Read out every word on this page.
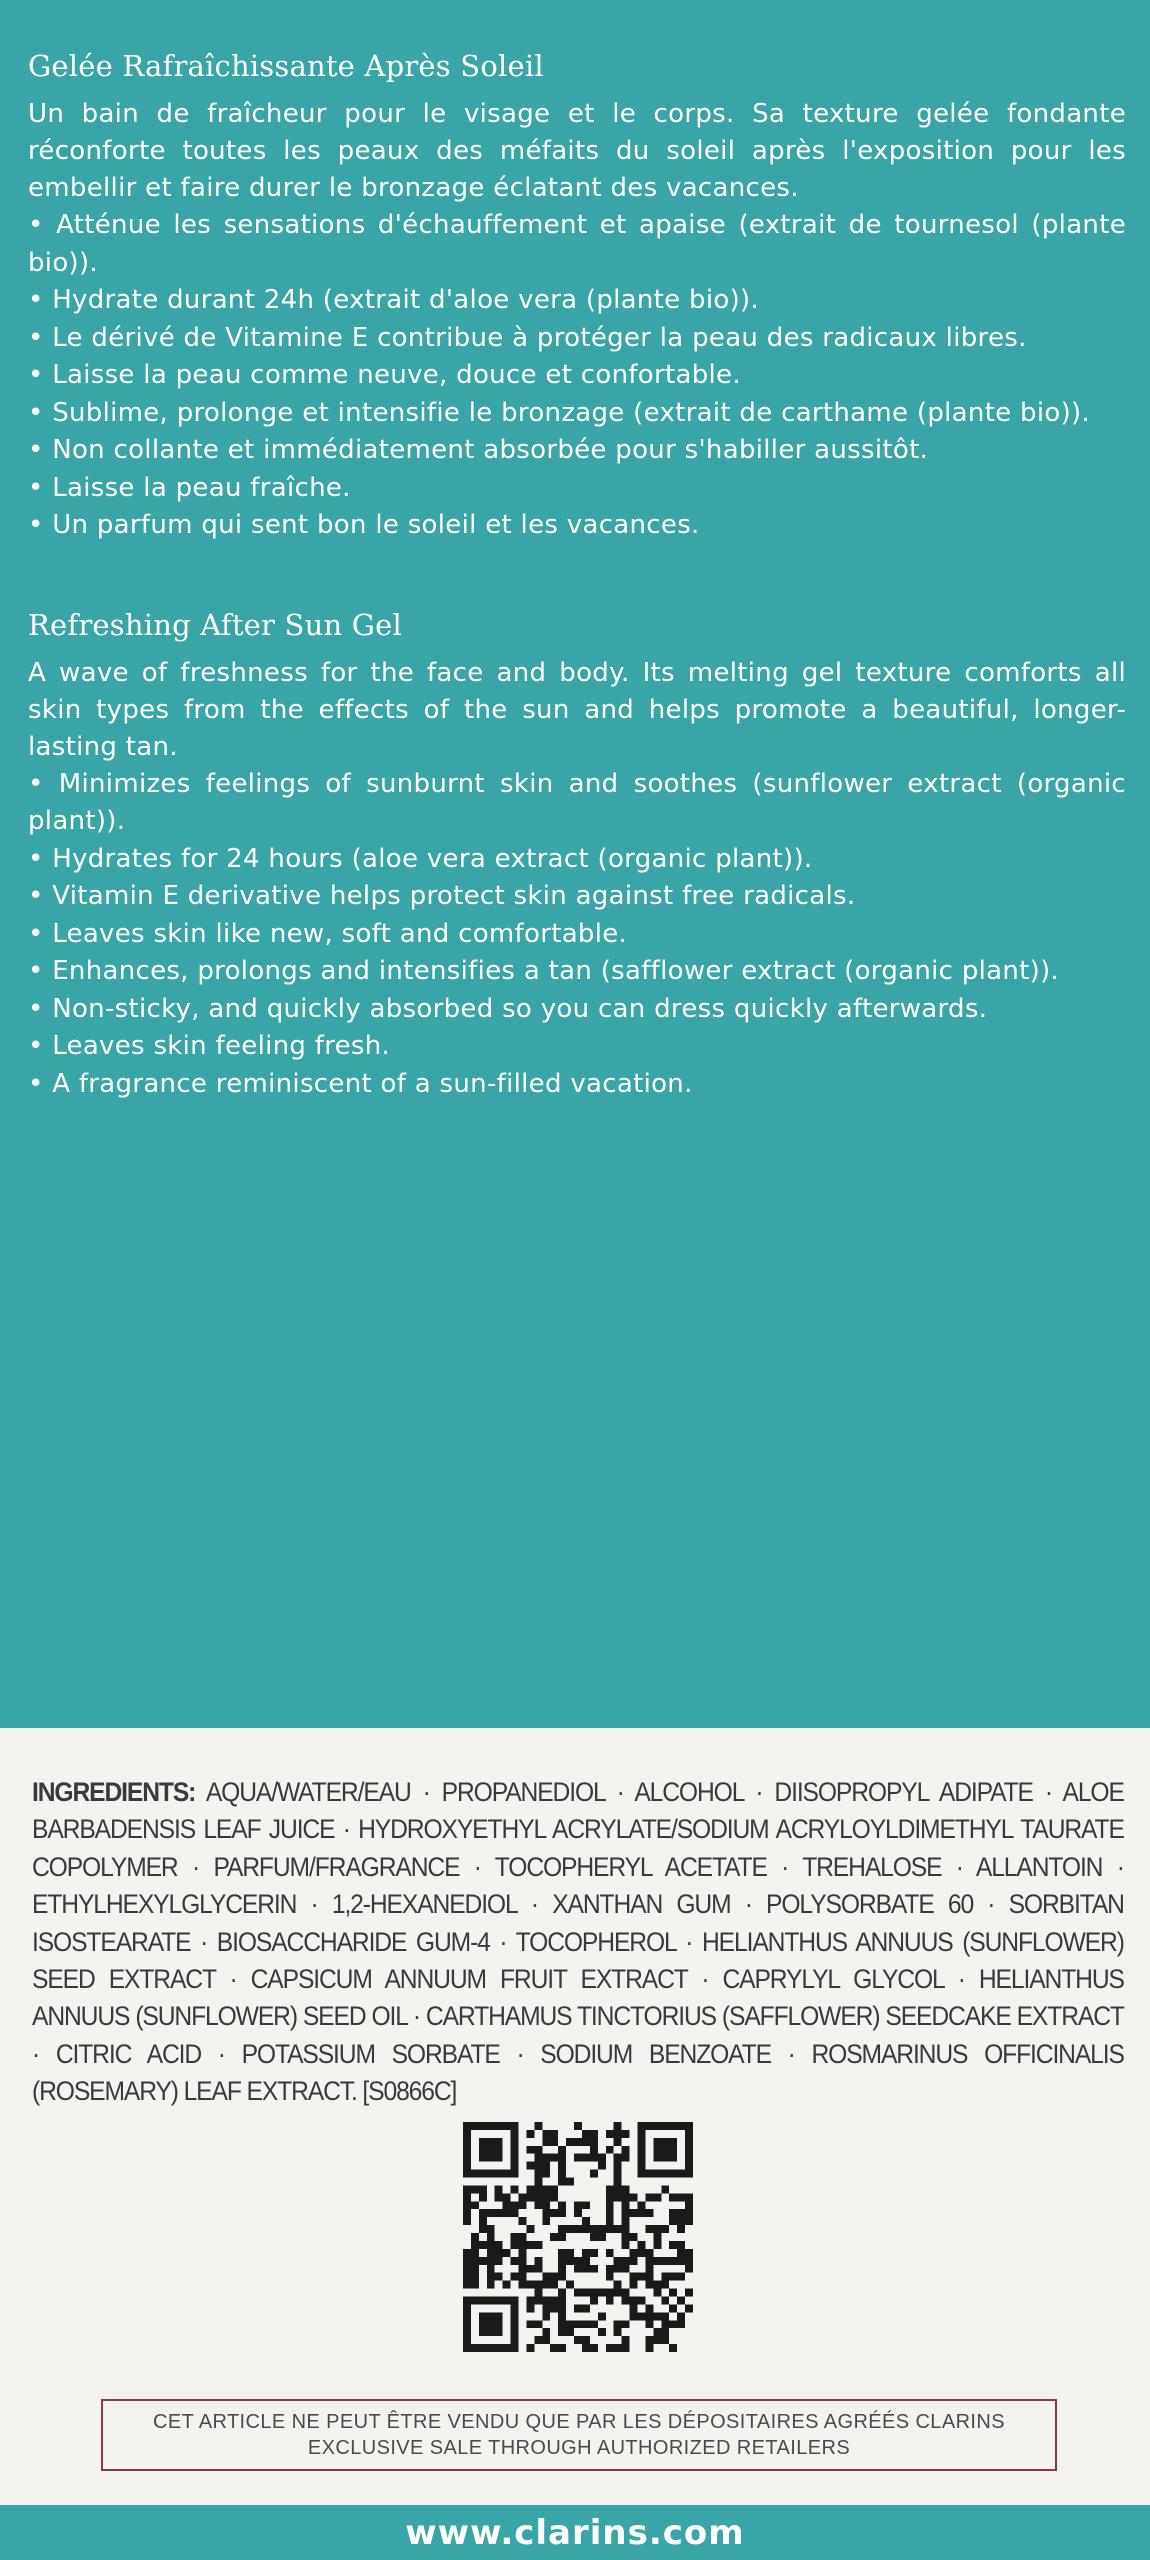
Gelée Rafraîchissante Après Soleil

Un bain de fraîcheur pour le visage et le corps. Sa texture gelée fondante réconforte toutes les peaux des méfaits du soleil après l'exposition pour les embellir et faire durer le bronzage éclatant des vacances.

• Atténue les sensations d'échauffement et apaise (extrait de tournesol (plante bio)).
• Hydrate durant 24h (extrait d'aloe vera (plante bio)).
• Le dérivé de Vitamine E contribue à protéger la peau des radicaux libres.
• Laisse la peau comme neuve, douce et confortable.
• Sublime, prolonge et intensifie le bronzage (extrait de carthame (plante bio)).
• Non collante et immédiatement absorbée pour s'habiller aussitôt.
• Laisse la peau fraîche.
• Un parfum qui sent bon le soleil et les vacances.
Refreshing After Sun Gel

A wave of freshness for the face and body. Its melting gel texture comforts all skin types from the effects of the sun and helps promote a beautiful, longer-lasting tan.

• Minimizes feelings of sunburnt skin and soothes (sunflower extract (organic plant)).
• Hydrates for 24 hours (aloe vera extract (organic plant)).
• Vitamin E derivative helps protect skin against free radicals.
• Leaves skin like new, soft and comfortable.
• Enhances, prolongs and intensifies a tan (safflower extract (organic plant)).
• Non-sticky, and quickly absorbed so you can dress quickly afterwards.
• Leaves skin feeling fresh.
• A fragrance reminiscent of a sun-filled vacation.
INGREDIENTS: AQUA/WATER/EAU · PROPANEDIOL · ALCOHOL · DIISOPROPYL ADIPATE · ALOE BARBADENSIS LEAF JUICE · HYDROXYETHYL ACRYLATE/SODIUM ACRYLOYLDIMETHYL TAURATE COPOLYMER · PARFUM/FRAGRANCE · TOCOPHERYL ACETATE · TREHALOSE · ALLANTOIN · ETHYLHEXYLGLYCERIN · 1,2-HEXANEDIOL · XANTHAN GUM · POLYSORBATE 60 · SORBITAN ISOSTEARATE · BIOSACCHARIDE GUM-4 · TOCOPHEROL · HELIANTHUS ANNUUS (SUNFLOWER) SEED EXTRACT · CAPSICUM ANNUUM FRUIT EXTRACT · CAPRYLYL GLYCOL · HELIANTHUS ANNUUS (SUNFLOWER) SEED OIL · CARTHAMUS TINCTORIUS (SAFFLOWER) SEEDCAKE EXTRACT · CITRIC ACID · POTASSIUM SORBATE · SODIUM BENZOATE · ROSMARINUS OFFICINALIS (ROSEMARY) LEAF EXTRACT. [S0866C]
CET ARTICLE NE PEUT ÊTRE VENDU QUE PAR LES DÉPOSITAIRES AGRÉÉS CLARINS
EXCLUSIVE SALE THROUGH AUTHORIZED RETAILERS
www.clarins.com
